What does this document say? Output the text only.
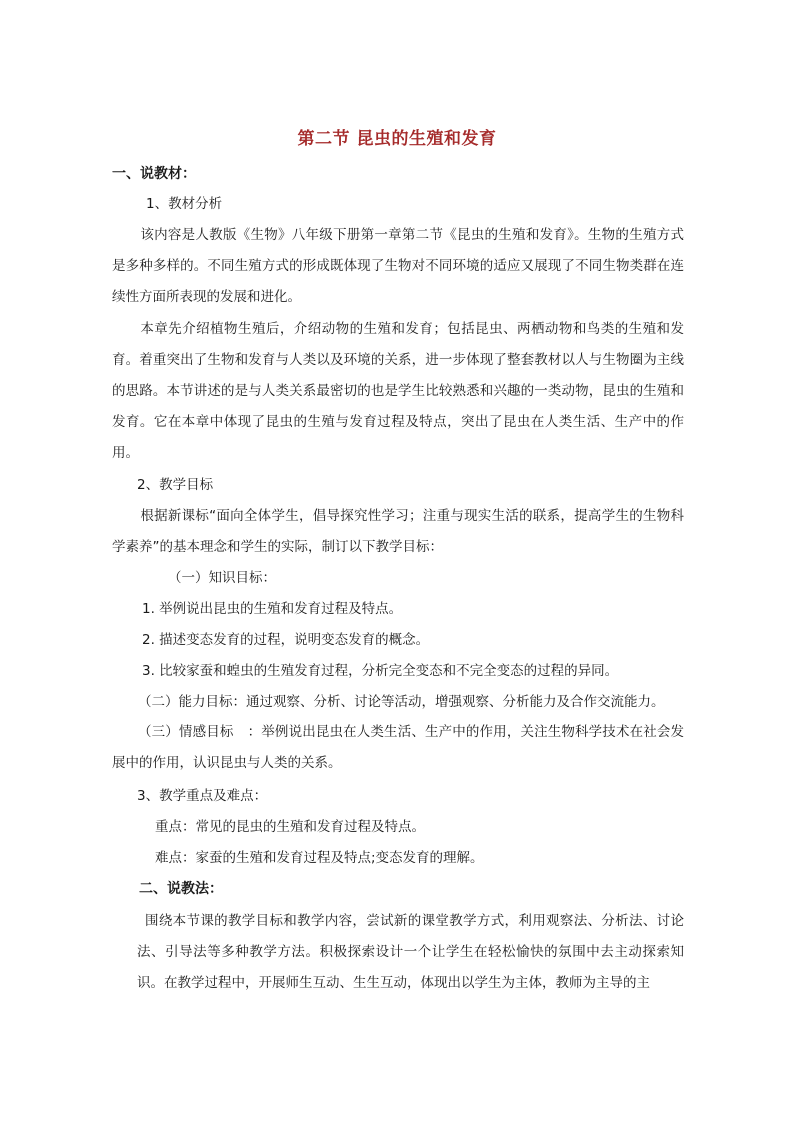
第二节 昆虫的生殖和发育
一、说教材：
1、教材分析
该内容是人教版《生物》八年级下册第一章第二节《昆虫的生殖和发育》。生物的生殖方式是多种多样的。不同生殖方式的形成既体现了生物对不同环境的适应又展现了不同生物类群在连续性方面所表现的发展和进化。
本章先介绍植物生殖后，介绍动物的生殖和发育；包括昆虫、两栖动物和鸟类的生殖和发育。着重突出了生物和发育与人类以及环境的关系，进一步体现了整套教材以人与生物圈为主线的思路。本节讲述的是与人类关系最密切的也是学生比较熟悉和兴趣的一类动物，昆虫的生殖和发育。它在本章中体现了昆虫的生殖与发育过程及特点，突出了昆虫在人类生活、生产中的作用。
2、教学目标
根据新课标“面向全体学生，倡导探究性学习；注重与现实生活的联系，提高学生的生物科学素养”的基本理念和学生的实际，制订以下教学目标：
（一）知识目标：
1. 举例说出昆虫的生殖和发育过程及特点。
2. 描述变态发育的过程，说明变态发育的概念。
3. 比较家蚕和蝗虫的生殖发育过程，分析完全变态和不完全变态的过程的异同。
（二）能力目标：通过观察、分析、讨论等活动，增强观察、分析能力及合作交流能力。
（三）情感目标 ：举例说出昆虫在人类生活、生产中的作用，关注生物科学技术在社会发展中的作用，认识昆虫与人类的关系。
3、教学重点及难点：
重点：常见的昆虫的生殖和发育过程及特点。
难点：家蚕的生殖和发育过程及特点;变态发育的理解。
二、说教法：
围绕本节课的教学目标和教学内容，尝试新的课堂教学方式，利用观察法、分析法、讨论法、引导法等多种教学方法。积极探索设计一个让学生在轻松愉快的氛围中去主动探索知识。在教学过程中，开展师生互动、生生互动，体现出以学生为主体，教师为主导的主
